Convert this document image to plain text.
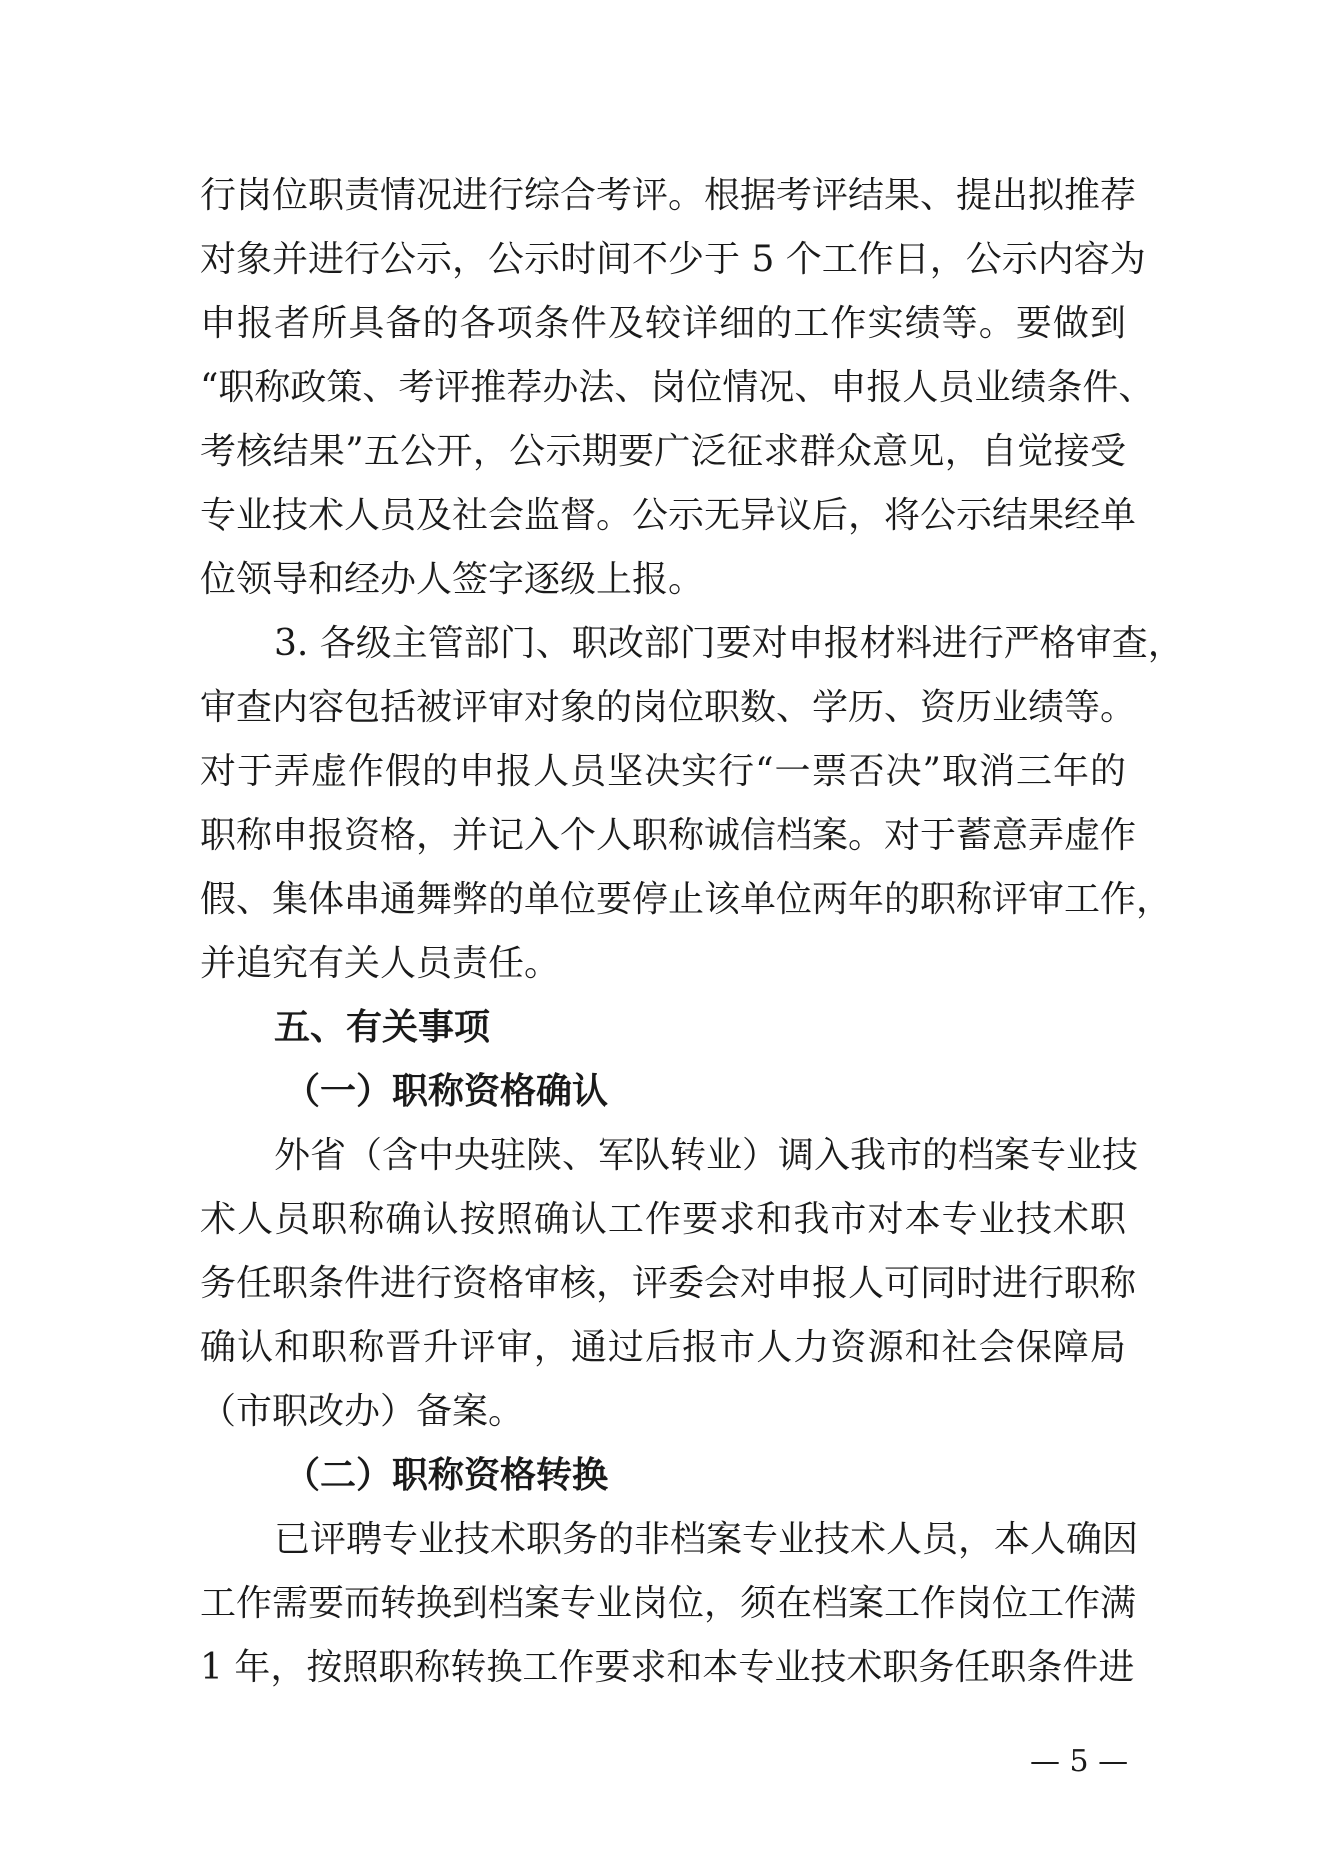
行岗位职责情况进行综合考评。根据考评结果、提出拟推荐
对象并进行公示，公示时间不少于 5 个工作日，公示内容为
申报者所具备的各项条件及较详细的工作实绩等。要做到
“职称政策、考评推荐办法、岗位情况、申报人员业绩条件、
考核结果”五公开，公示期要广泛征求群众意见，自觉接受
专业技术人员及社会监督。公示无异议后，将公示结果经单
位领导和经办人签字逐级上报。
3. 各级主管部门、职改部门要对申报材料进行严格审查，
审查内容包括被评审对象的岗位职数、学历、资历业绩等。
对于弄虚作假的申报人员坚决实行“一票否决”取消三年的
职称申报资格，并记入个人职称诚信档案。对于蓄意弄虚作
假、集体串通舞弊的单位要停止该单位两年的职称评审工作，
并追究有关人员责任。
五、有关事项
（一）职称资格确认
外省（含中央驻陕、军队转业）调入我市的档案专业技
术人员职称确认按照确认工作要求和我市对本专业技术职
务任职条件进行资格审核，评委会对申报人可同时进行职称
确认和职称晋升评审，通过后报市人力资源和社会保障局
（市职改办）备案。
（二）职称资格转换
已评聘专业技术职务的非档案专业技术人员，本人确因
工作需要而转换到档案专业岗位，须在档案工作岗位工作满
1 年，按照职称转换工作要求和本专业技术职务任职条件进
— 5 —
